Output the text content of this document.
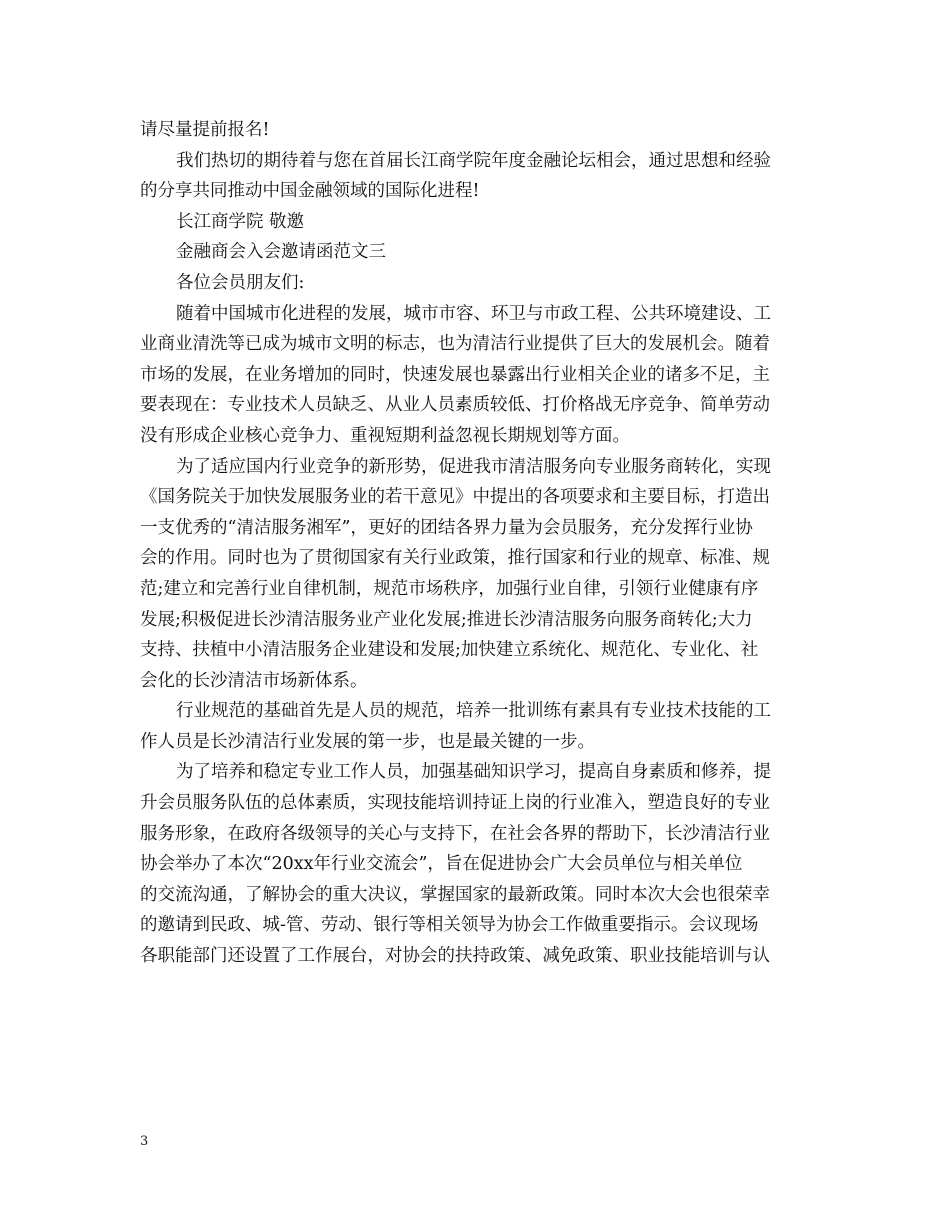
请尽量提前报名!
我们热切的期待着与您在首届长江商学院年度金融论坛相会，通过思想和经验
的分享共同推动中国金融领域的国际化进程!
长江商学院 敬邀
金融商会入会邀请函范文三
各位会员朋友们:
随着中国城市化进程的发展，城市市容、环卫与市政工程、公共环境建设、工
业商业清洗等已成为城市文明的标志，也为清洁行业提供了巨大的发展机会。随着
市场的发展，在业务增加的同时，快速发展也暴露出行业相关企业的诸多不足，主
要表现在：专业技术人员缺乏、从业人员素质较低、打价格战无序竞争、简单劳动
没有形成企业核心竞争力、重视短期利益忽视长期规划等方面。
为了适应国内行业竞争的新形势，促进我市清洁服务向专业服务商转化，实现
《国务院关于加快发展服务业的若干意见》中提出的各项要求和主要目标，打造出
一支优秀的“清洁服务湘军”，更好的团结各界力量为会员服务，充分发挥行业协
会的作用。同时也为了贯彻国家有关行业政策，推行国家和行业的规章、标准、规
范;建立和完善行业自律机制，规范市场秩序，加强行业自律，引领行业健康有序
发展;积极促进长沙清洁服务业产业化发展;推进长沙清洁服务向服务商转化;大力
支持、扶植中小清洁服务企业建设和发展;加快建立系统化、规范化、专业化、社
会化的长沙清洁市场新体系。
行业规范的基础首先是人员的规范，培养一批训练有素具有专业技术技能的工
作人员是长沙清洁行业发展的第一步，也是最关键的一步。
为了培养和稳定专业工作人员，加强基础知识学习，提高自身素质和修养，提
升会员服务队伍的总体素质，实现技能培训持证上岗的行业准入，塑造良好的专业
服务形象，在政府各级领导的关心与支持下，在社会各界的帮助下，长沙清洁行业
协会举办了本次“20xx年行业交流会”，旨在促进协会广大会员单位与相关单位
的交流沟通，了解协会的重大决议，掌握国家的最新政策。同时本次大会也很荣幸
的邀请到民政、城-管、劳动、银行等相关领导为协会工作做重要指示。会议现场
各职能部门还设置了工作展台，对协会的扶持政策、减免政策、职业技能培训与认
3
